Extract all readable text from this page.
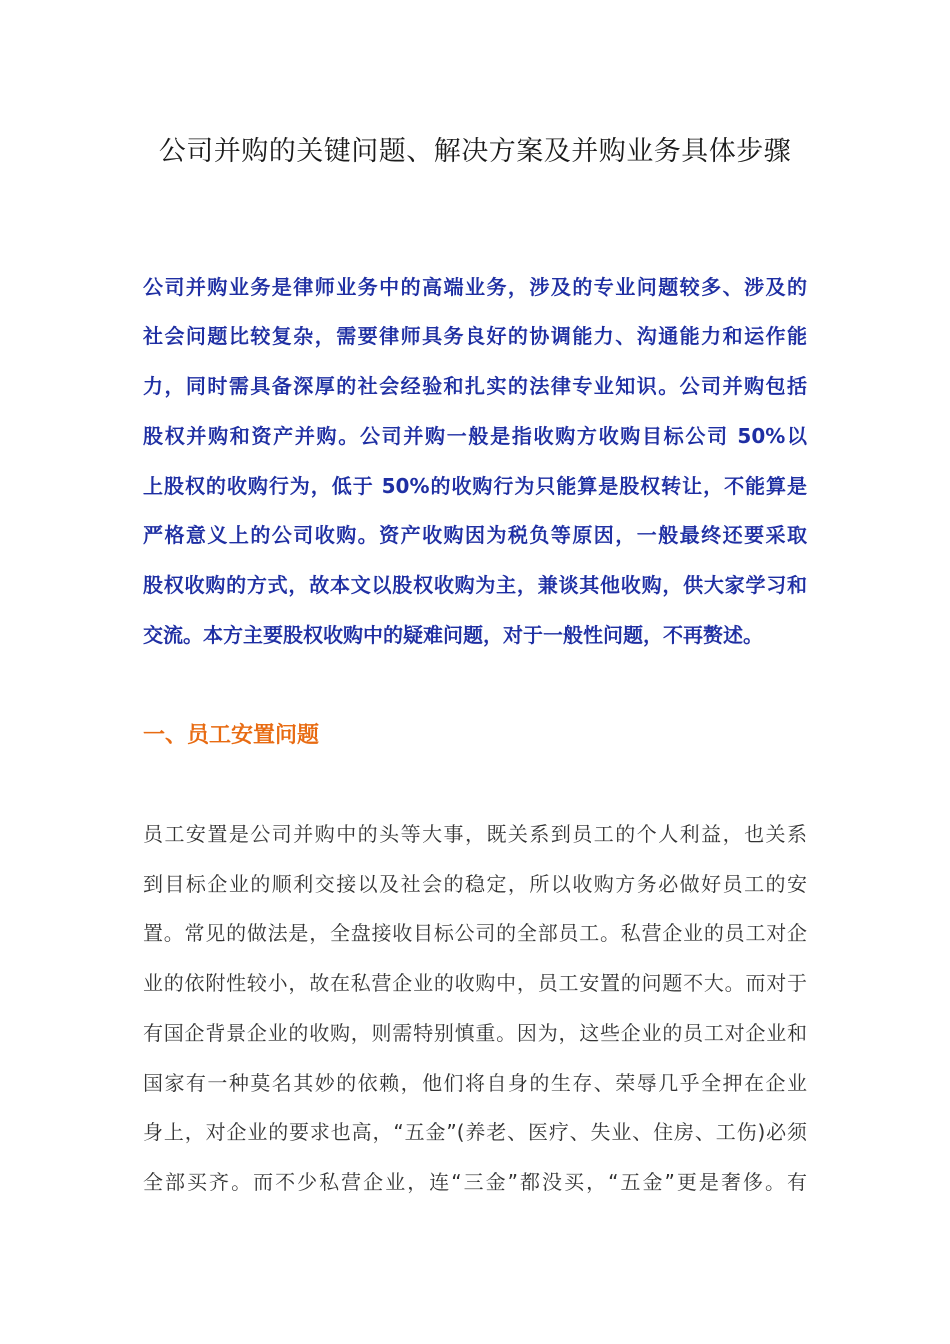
公司并购的关键问题、解决方案及并购业务具体步骤

公司并购业务是律师业务中的高端业务，涉及的专业问题较多、涉及的

社会问题比较复杂，需要律师具务良好的协调能力、沟通能力和运作能

力，同时需具备深厚的社会经验和扎实的法律专业知识。公司并购包括

股权并购和资产并购。公司并购一般是指收购方收购目标公司 50%以

上股权的收购行为，低于 50%的收购行为只能算是股权转让，不能算是

严格意义上的公司收购。资产收购因为税负等原因，一般最终还要采取

股权收购的方式，故本文以股权收购为主，兼谈其他收购，供大家学习和

交流。本方主要股权收购中的疑难问题，对于一般性问题，不再赘述。

一、员工安置问题

员工安置是公司并购中的头等大事，既关系到员工的个人利益，也关系

到目标企业的顺利交接以及社会的稳定，所以收购方务必做好员工的安

置。常见的做法是，全盘接收目标公司的全部员工。私营企业的员工对企

业的依附性较小，故在私营企业的收购中，员工安置的问题不大。而对于

有国企背景企业的收购，则需特别慎重。因为，这些企业的员工对企业和

国家有一种莫名其妙的依赖，他们将自身的生存、荣辱几乎全押在企业

身上，对企业的要求也高，“五金”(养老、医疗、失业、住房、工伤)必须

全部买齐。而不少私营企业，连“三金”都没买，“五金”更是奢侈。有
